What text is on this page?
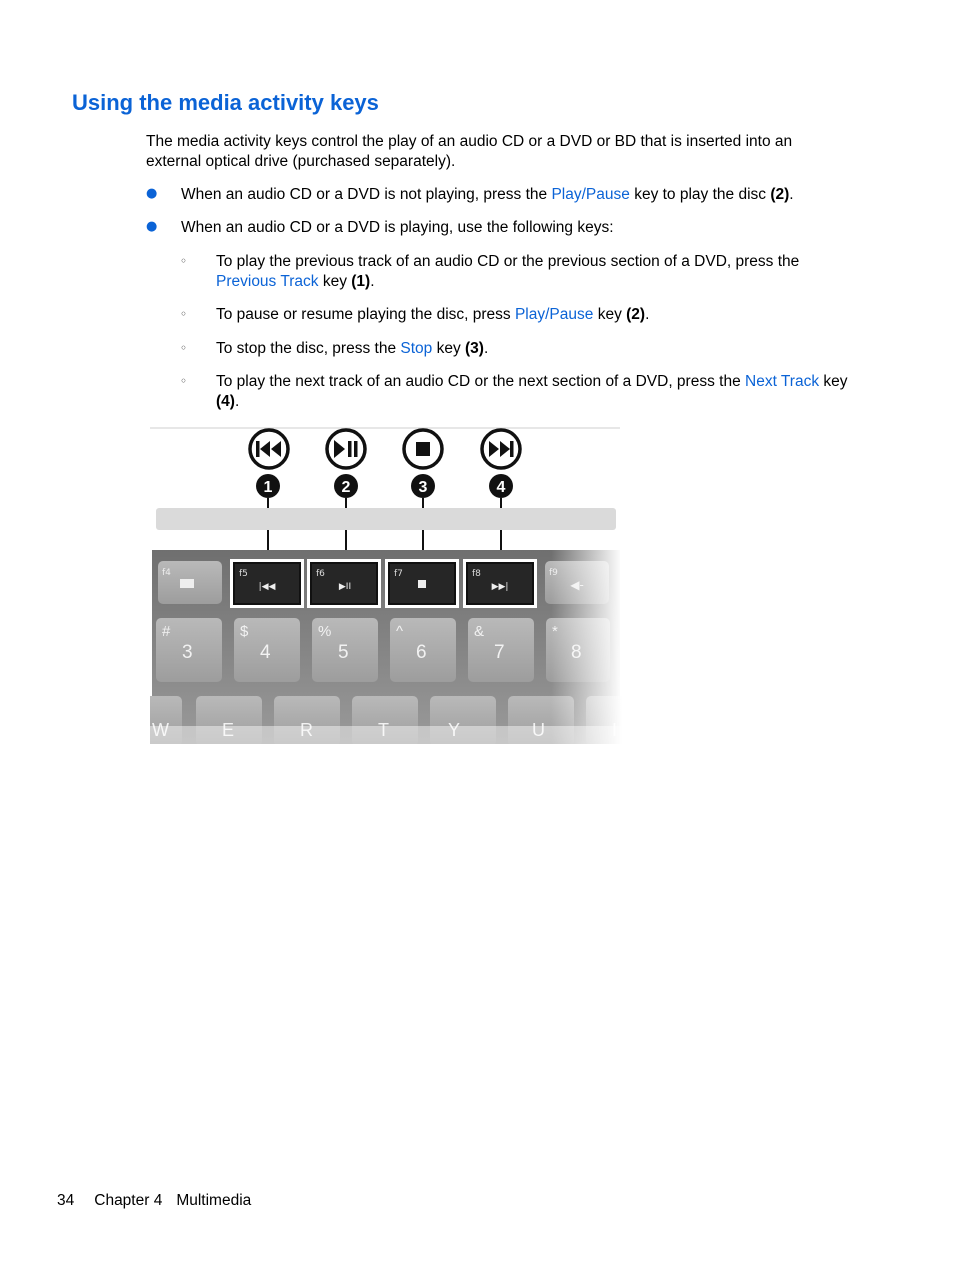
Using the media activity keys
The media activity keys control the play of an audio CD or a DVD or BD that is inserted into an external optical drive (purchased separately).
● When an audio CD or a DVD is not playing, press the Play/Pause key to play the disc (2).
● When an audio CD or a DVD is playing, use the following keys:
◦ To play the previous track of an audio CD or the previous section of a DVD, press the Previous Track key (1).
◦ To pause or resume playing the disc, press Play/Pause key (2).
◦ To stop the disc, press the Stop key (3).
◦ To play the next track of an audio CD or the next section of a DVD, press the Next Track key (4).
1	2	3	4
34 Chapter 4 Multimedia
